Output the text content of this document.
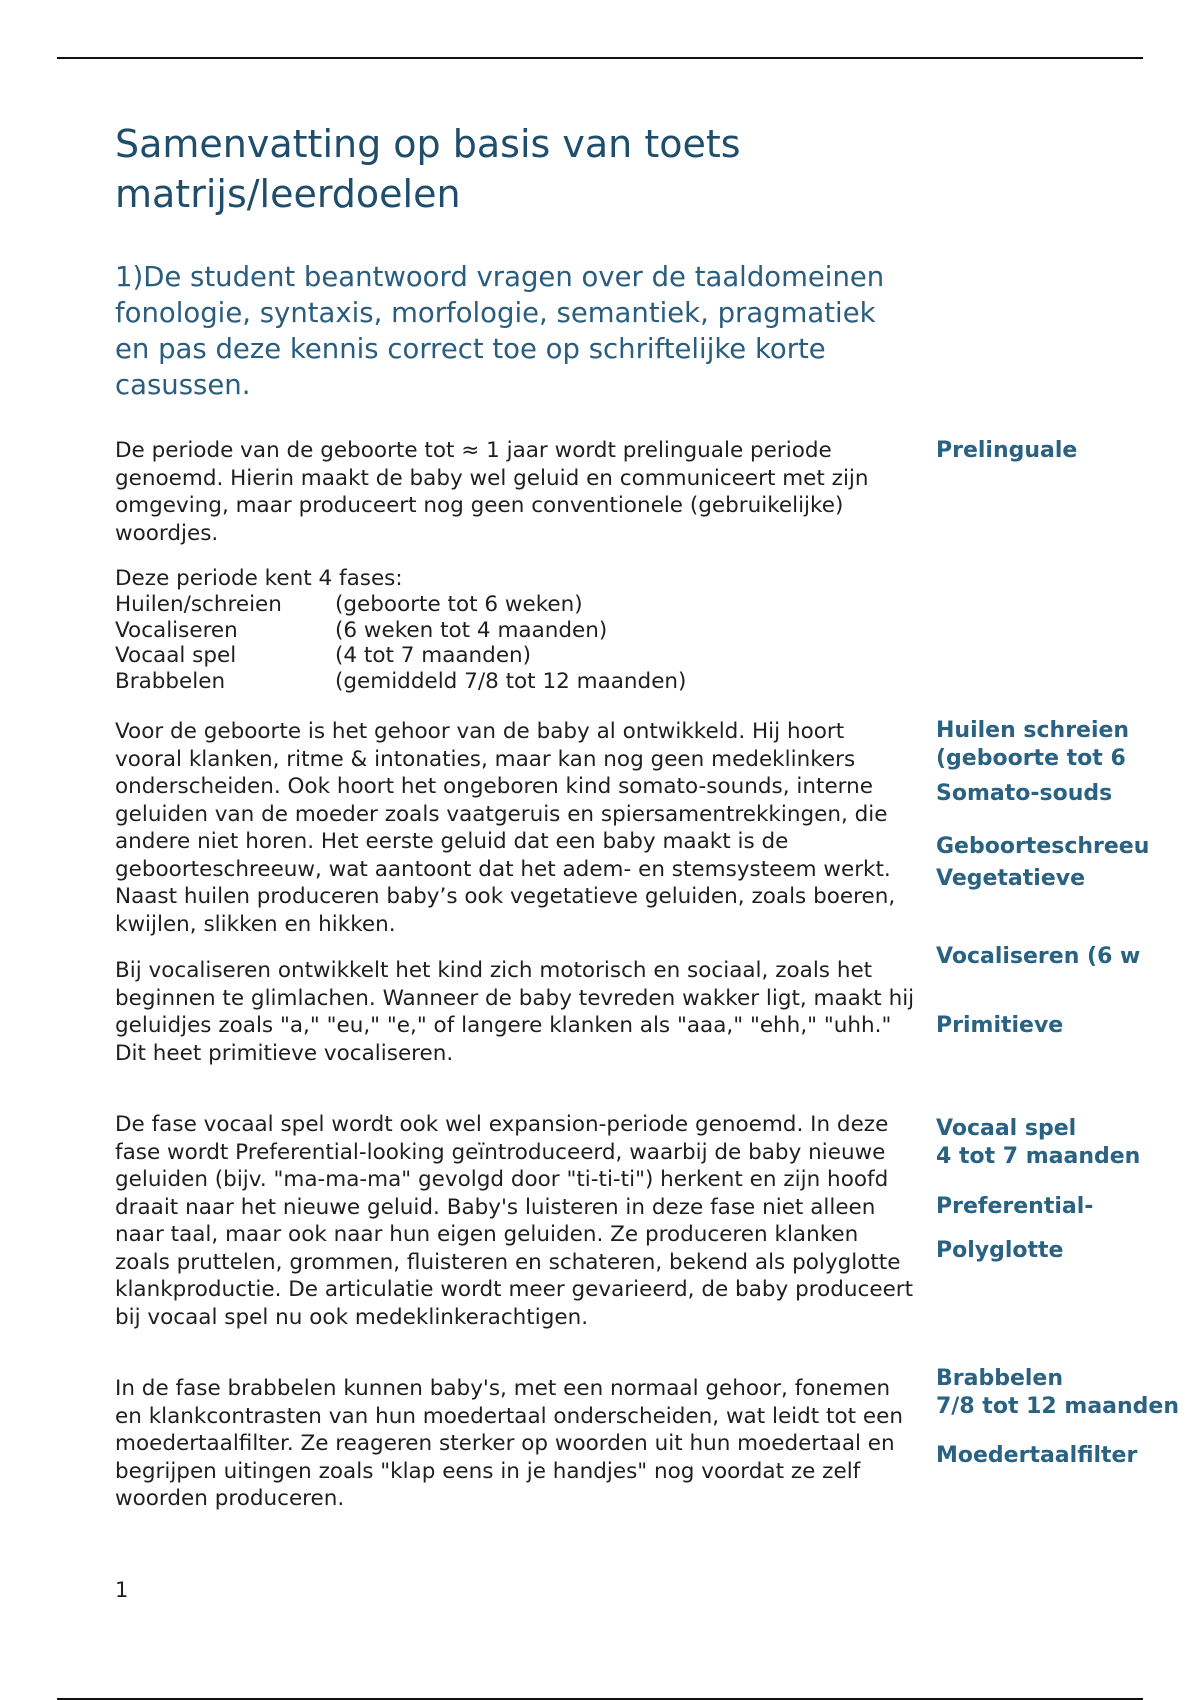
Samenvatting op basis van toets matrijs/leerdoelen
1)De student beantwoord vragen over de taaldomeinen fonologie, syntaxis, morfologie, semantiek, pragmatiek en pas deze kennis correct toe op schriftelijke korte casussen.

De periode van de geboorte tot ≈ 1 jaar wordt prelinguale periode genoemd. Hierin maakt de baby wel geluid en communiceert met zijn omgeving, maar produceert nog geen conventionele (gebruikelijke) woordjes.

Deze periode kent 4 fases:

Huilen/schreien	(geboorte tot 6 weken)
Vocaliseren	(6 weken tot 4 maanden)
Vocaal spel	(4 tot 7 maanden)
Brabbelen	(gemiddeld 7/8 tot 12 maanden)

Voor de geboorte is het gehoor van de baby al ontwikkeld. Hij hoort vooral klanken, ritme & intonaties, maar kan nog geen medeklinkers onderscheiden. Ook hoort het ongeboren kind somato-sounds, interne geluiden van de moeder zoals vaatgeruis en spiersamentrekkingen, die andere niet horen. Het eerste geluid dat een baby maakt is de geboorteschreeuw, wat aantoont dat het adem- en stemsysteem werkt. Naast huilen produceren baby’s ook vegetatieve geluiden, zoals boeren, kwijlen, slikken en hikken.

Bij vocaliseren ontwikkelt het kind zich motorisch en sociaal, zoals het beginnen te glimlachen. Wanneer de baby tevreden wakker ligt, maakt hij geluidjes zoals "a," "eu," "e," of langere klanken als "aaa," "ehh," "uhh." Dit heet primitieve vocaliseren.

De fase vocaal spel wordt ook wel expansion-periode genoemd. In deze fase wordt Preferential-looking geïntroduceerd, waarbij de baby nieuwe geluiden (bijv. "ma-ma-ma" gevolgd door "ti-ti-ti") herkent en zijn hoofd draait naar het nieuwe geluid. Baby's luisteren in deze fase niet alleen naar taal, maar ook naar hun eigen geluiden. Ze produceren klanken zoals pruttelen, grommen, fluisteren en schateren, bekend als polyglotte klankproductie. De articulatie wordt meer gevarieerd, de baby produceert bij vocaal spel nu ook medeklinkerachtigen.

In de fase brabbelen kunnen baby's, met een normaal gehoor, fonemen en klankcontrasten van hun moedertaal onderscheiden, wat leidt tot een moedertaalfilter. Ze reageren sterker op woorden uit hun moedertaal en begrijpen uitingen zoals "klap eens in je handjes" nog voordat ze zelf woorden produceren.

Prelinguale
Huilen schreien
(geboorte tot 6
Somato-souds
Geboorteschreeu
Vegetatieve
Vocaliseren (6 w
Primitieve
Vocaal spel
4 tot 7 maanden
Preferential-
Polyglotte
Brabbelen
7/8 tot 12 maanden
Moedertaalfilter
1
